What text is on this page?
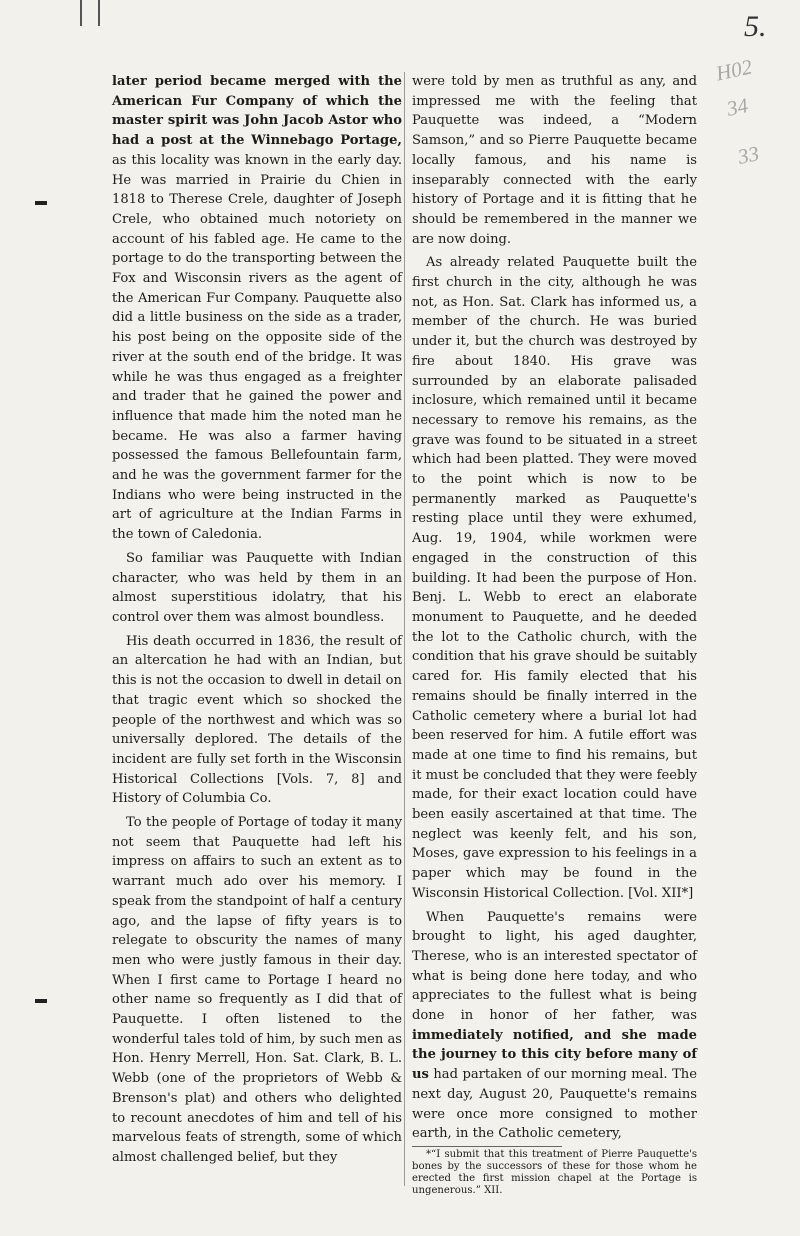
5.
H02
34
33

later period became merged with the American Fur Company of which the master spirit was John Jacob Astor who had a post at the Winnebago Portage, as this locality was known in the early day. He was married in Prairie du Chien in 1818 to Therese Crele, daughter of Joseph Crele, who obtained much notoriety on account of his fabled age. He came to the portage to do the transporting between the Fox and Wisconsin rivers as the agent of the American Fur Company. Pauquette also did a little business on the side as a trader, his post being on the opposite side of the river at the south end of the bridge. It was while he was thus engaged as a freighter and trader that he gained the power and influence that made him the noted man he became. He was also a farmer having possessed the famous Bellefountain farm, and he was the government farmer for the Indians who were being instructed in the art of agriculture at the Indian Farms in the town of Caledonia.

So familiar was Pauquette with Indian character, who was held by them in an almost superstitious idolatry, that his control over them was almost boundless.

His death occurred in 1836, the result of an altercation he had with an Indian, but this is not the occasion to dwell in detail on that tragic event which so shocked the people of the northwest and which was so universally deplored. The details of the incident are fully set forth in the Wisconsin Historical Collections [Vols. 7, 8] and History of Columbia Co.

To the people of Portage of today it many not seem that Pauquette had left his impress on affairs to such an extent as to warrant much ado over his memory. I speak from the standpoint of half a century ago, and the lapse of fifty years is to relegate to obscurity the names of many men who were justly famous in their day. When I first came to Portage I heard no other name so frequently as I did that of Pauquette. I often listened to the wonderful tales told of him, by such men as Hon. Henry Merrell, Hon. Sat. Clark, B. L. Webb (one of the proprietors of Webb & Brenson's plat) and others who delighted to recount anecdotes of him and tell of his marvelous feats of strength, some of which almost challenged belief, but they

were told by men as truthful as any, and impressed me with the feeling that Pauquette was indeed, a “Modern Samson,” and so Pierre Pauquette became locally famous, and his name is inseparably connected with the early history of Portage and it is fitting that he should be remembered in the manner we are now doing.

As already related Pauquette built the first church in the city, although he was not, as Hon. Sat. Clark has informed us, a member of the church. He was buried under it, but the church was destroyed by fire about 1840. His grave was surrounded by an elaborate palisaded inclosure, which remained until it became necessary to remove his remains, as the grave was found to be situated in a street which had been platted. They were moved to the point which is now to be permanently marked as Pauquette's resting place until they were exhumed, Aug. 19, 1904, while workmen were engaged in the construction of this building. It had been the purpose of Hon. Benj. L. Webb to erect an elaborate monument to Pauquette, and he deeded the lot to the Catholic church, with the condition that his grave should be suitably cared for. His family elected that his remains should be finally interred in the Catholic cemetery where a burial lot had been reserved for him. A futile effort was made at one time to find his remains, but it must be concluded that they were feebly made, for their exact location could have been easily ascertained at that time. The neglect was keenly felt, and his son, Moses, gave expression to his feelings in a paper which may be found in the Wisconsin Historical Collection. [Vol. XII*]

When Pauquette's remains were brought to light, his aged daughter, Therese, who is an interested spectator of what is being done here today, and who appreciates to the fullest what is being done in honor of her father, was immediately notified, and she made the journey to this city before many of us had partaken of our morning meal. The next day, August 20, Pauquette's remains were once more consigned to mother earth, in the Catholic cemetery,

*“I submit that this treatment of Pierre Pauquette's bones by the successors of these for those whom he erected the first mission chapel at the Portage is ungenerous.” XII.
